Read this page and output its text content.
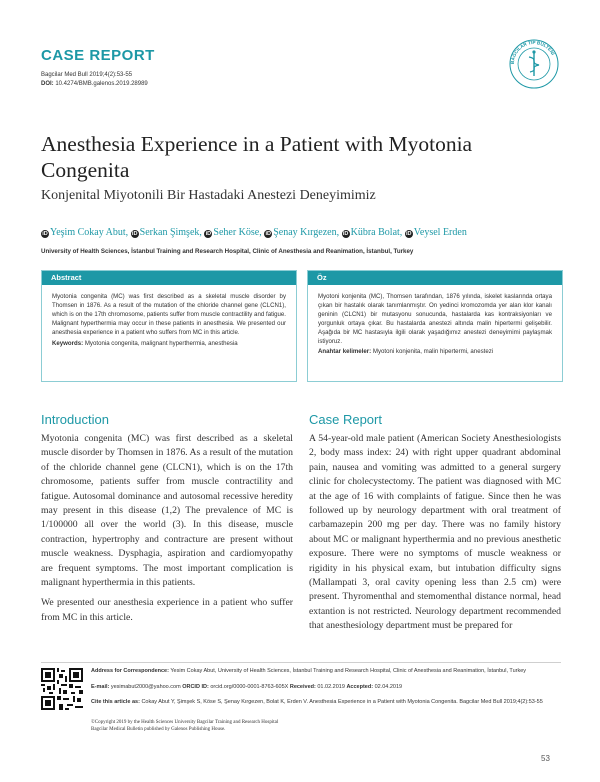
CASE REPORT
Bagcilar Med Bull 2019;4(2):53-55
DOI: 10.4274/BMB.galenos.2019.28989
BAĞCILAR TIP BÜLTENİ
Anesthesia Experience in a Patient with Myotonia Congenita
Konjenital Miyotonili Bir Hastadaki Anestezi Deneyimimiz
iD Yeşim Cokay Abut, iD Serkan Şimşek, iD Seher Köse, iD Şenay Kırgezen, iD Kübra Bolat, iD Veysel Erden
University of Health Sciences, İstanbul Training and Research Hospital, Clinic of Anesthesia and Reanimation, İstanbul, Turkey
Abstract
Myotonia congenita (MC) was first described as a skeletal muscle disorder by Thomsen in 1876. As a result of the mutation of the chloride channel gene (CLCN1), which is on the 17th chromosome, patients suffer from muscle contractility and fatigue. Malignant hyperthermia may occur in these patients in anesthesia. We presented our anesthesia experience in a patient who suffers from MC in this article.
Keywords: Myotonia congenita, malignant hyperthermia, anesthesia
Öz
Myotoni konjenita (MC), Thomsen tarafından, 1876 yılında, iskelet kaslarında ortaya çıkan bir hastalık olarak tanımlanmıştır. On yedinci kromozomda yer alan klor kanalı geninin (CLCN1) bir mutasyonu sonucunda, hastalarda kas kontraksiyonları ve yorgunluk ortaya çıkar. Bu hastalarda anestezi altında malin hipertermi gelişebilir. Aşağıda bir MC hastasıyla ilgili olarak yaşadığımız anestezi deneyimimi paylaşmak istiyoruz.
Anahtar kelimeler: Myotoni konjenita, malin hipertermi, anestezi
Introduction

Myotonia congenita (MC) was first described as a skeletal muscle disorder by Thomsen in 1876. As a result of the mutation of the chloride channel gene (CLCN1), which is on the 17th chromosome, patients suffer from muscle contractility and fatigue. Autosomal dominance and autosomal recessive heredity may present in this disease (1,2) The prevalence of MC is 1/100000 all over the world (3). In this disease, muscle contraction, hypertrophy and contracture are present without muscle weakness. Dysphagia, aspiration and cardiomyopathy are frequent symptoms. The most important complication is malignant hyperthermia in this patients.

We presented our anesthesia experience in a patient who suffer from MC in this article.

Case Report

A 54-year-old male patient (American Society Anesthesiologists 2, body mass index: 24) with right upper quadrant abdominal pain, nausea and vomiting was admitted to a general surgery clinic for cholecystectomy. The patient was diagnosed with MC at the age of 16 with complaints of fatigue. Since then he was followed up by neurology department with oral treatment of carbamazepin 200 mg per day. There was no family history about MC or malignant hyperthermia and no previous anesthetic exposure. There were no symptoms of muscle weakness or rigidity in his physical exam, but intubation difficulty signs (Mallampati 3, oral cavity opening less than 2.5 cm) were present. Thyromenthal and stemomenthal distance normal, head extantion is not restricted. Neurology department recommended that anesthesiology department must be prepared for

Address for Correspondence: Yesim Cokay Abut, University of Health Sciences, İstanbul Training and Research Hospital, Clinic of Anesthesia and Reanimation, İstanbul, Turkey
E-mail: yesimabut2000@yahoo.com ORCID ID: orcid.org/0000-0001-8763-605X Received: 01.02.2019 Accepted: 02.04.2019
Cite this article as: Cokay Abut Y, Şimşek S, Köse S, Şenay Kırgezen, Bolat K, Erden V. Anesthesia Experience in a Patient with Myotonia Congenita. Bagcilar Med Bull 2019;4(2):53-55
©Copyright 2019 by the Health Sciences University Bagcilar Training and Research Hospital
Bagcilar Medical Bulletin published by Galenos Publishing House.
53
